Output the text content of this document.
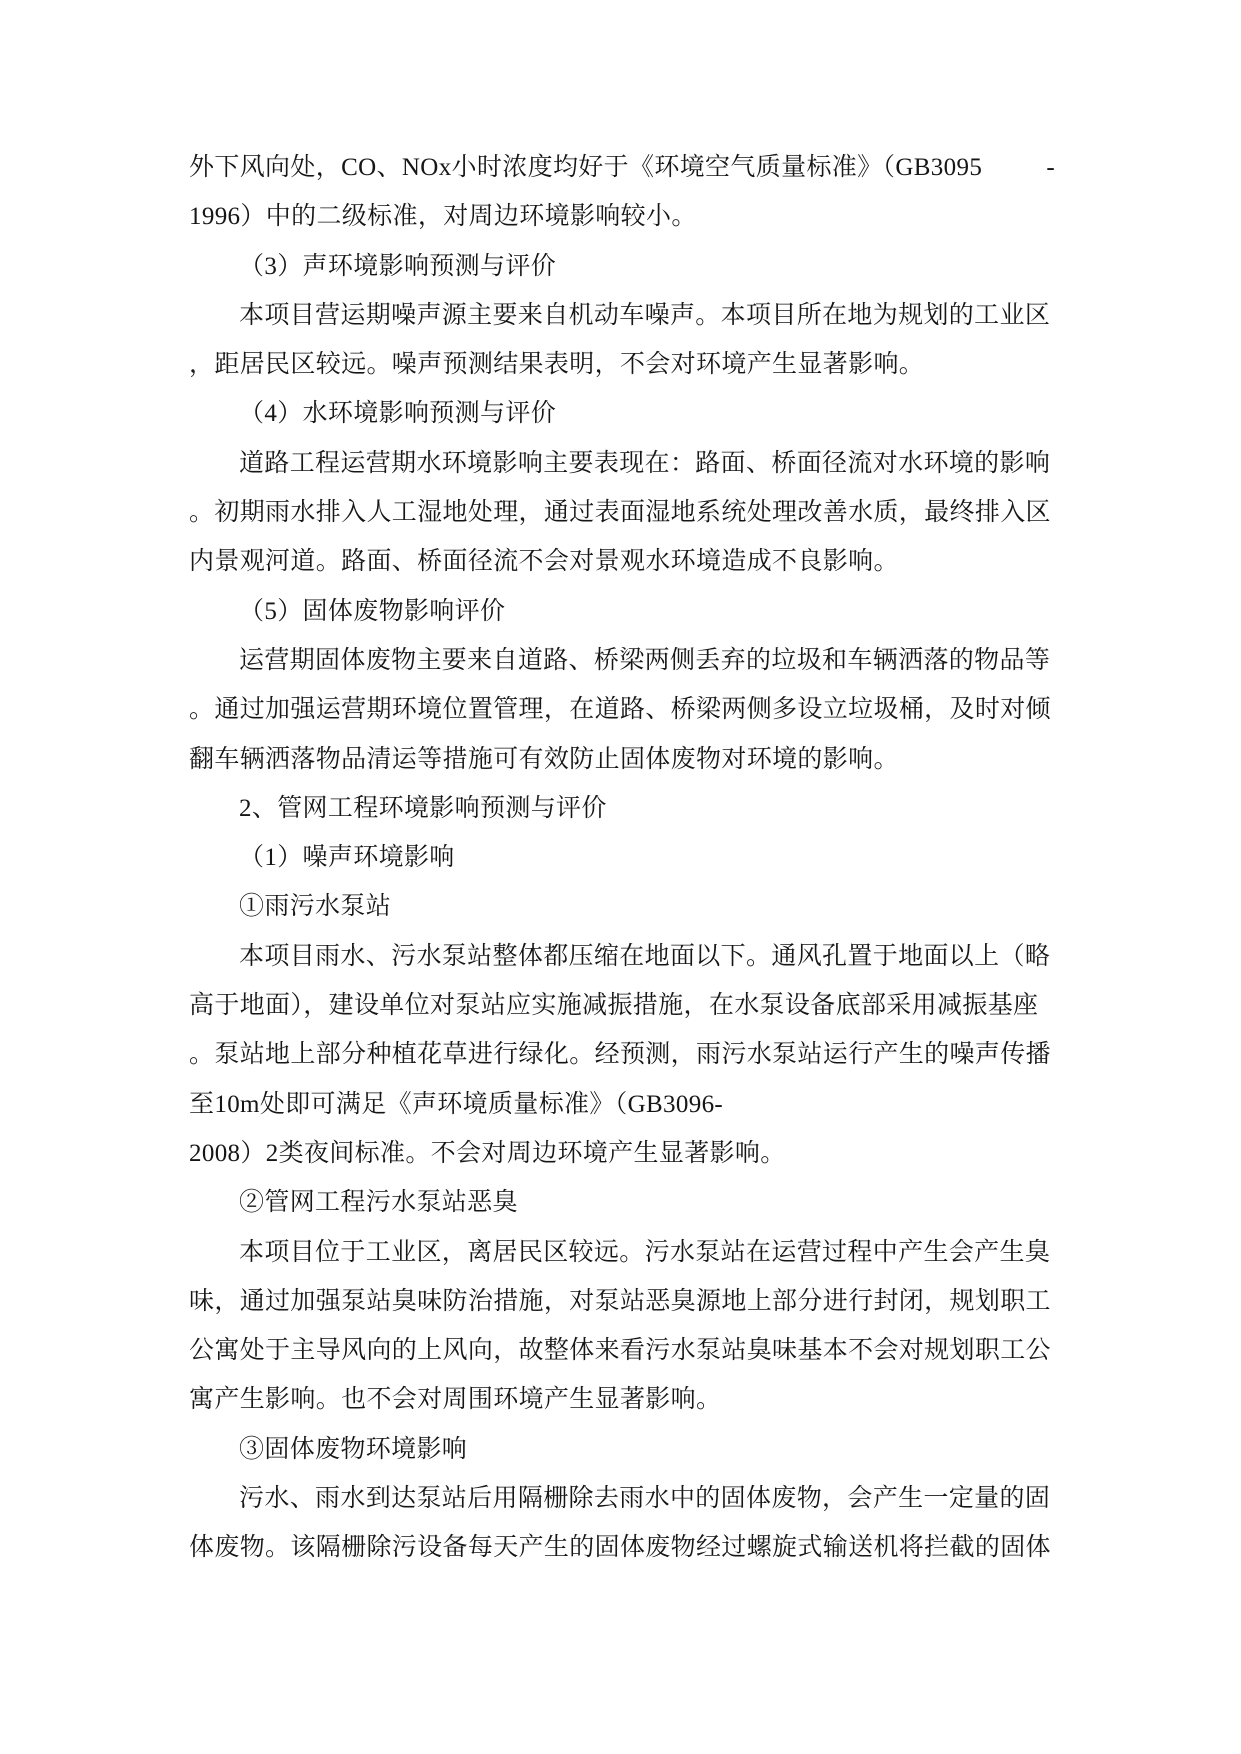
外下风向处，CO、NOx小时浓度均好于《环境空气质量标准》（GB3095	-
1996）中的二级标准，对周边环境影响较小。
（3）声环境影响预测与评价
本项目营运期噪声源主要来自机动车噪声。本项目所在地为规划的工业区
，距居民区较远。噪声预测结果表明，不会对环境产生显著影响。
（4）水环境影响预测与评价
道路工程运营期水环境影响主要表现在：路面、桥面径流对水环境的影响
。初期雨水排入人工湿地处理，通过表面湿地系统处理改善水质，最终排入区
内景观河道。路面、桥面径流不会对景观水环境造成不良影响。
（5）固体废物影响评价
运营期固体废物主要来自道路、桥梁两侧丢弃的垃圾和车辆洒落的物品等
。通过加强运营期环境位置管理，在道路、桥梁两侧多设立垃圾桶，及时对倾
翻车辆洒落物品清运等措施可有效防止固体废物对环境的影响。
2、管网工程环境影响预测与评价
（1）噪声环境影响
①雨污水泵站
本项目雨水、污水泵站整体都压缩在地面以下。通风孔置于地面以上（略
高于地面），建设单位对泵站应实施减振措施，在水泵设备底部采用减振基座
。泵站地上部分种植花草进行绿化。经预测，雨污水泵站运行产生的噪声传播
至10m处即可满足《声环境质量标准》（GB3096-
2008）2类夜间标准。不会对周边环境产生显著影响。
②管网工程污水泵站恶臭
本项目位于工业区，离居民区较远。污水泵站在运营过程中产生会产生臭
味，通过加强泵站臭味防治措施，对泵站恶臭源地上部分进行封闭，规划职工
公寓处于主导风向的上风向，故整体来看污水泵站臭味基本不会对规划职工公
寓产生影响。也不会对周围环境产生显著影响。
③固体废物环境影响
污水、雨水到达泵站后用隔栅除去雨水中的固体废物，会产生一定量的固
体废物。该隔栅除污设备每天产生的固体废物经过螺旋式输送机将拦截的固体
